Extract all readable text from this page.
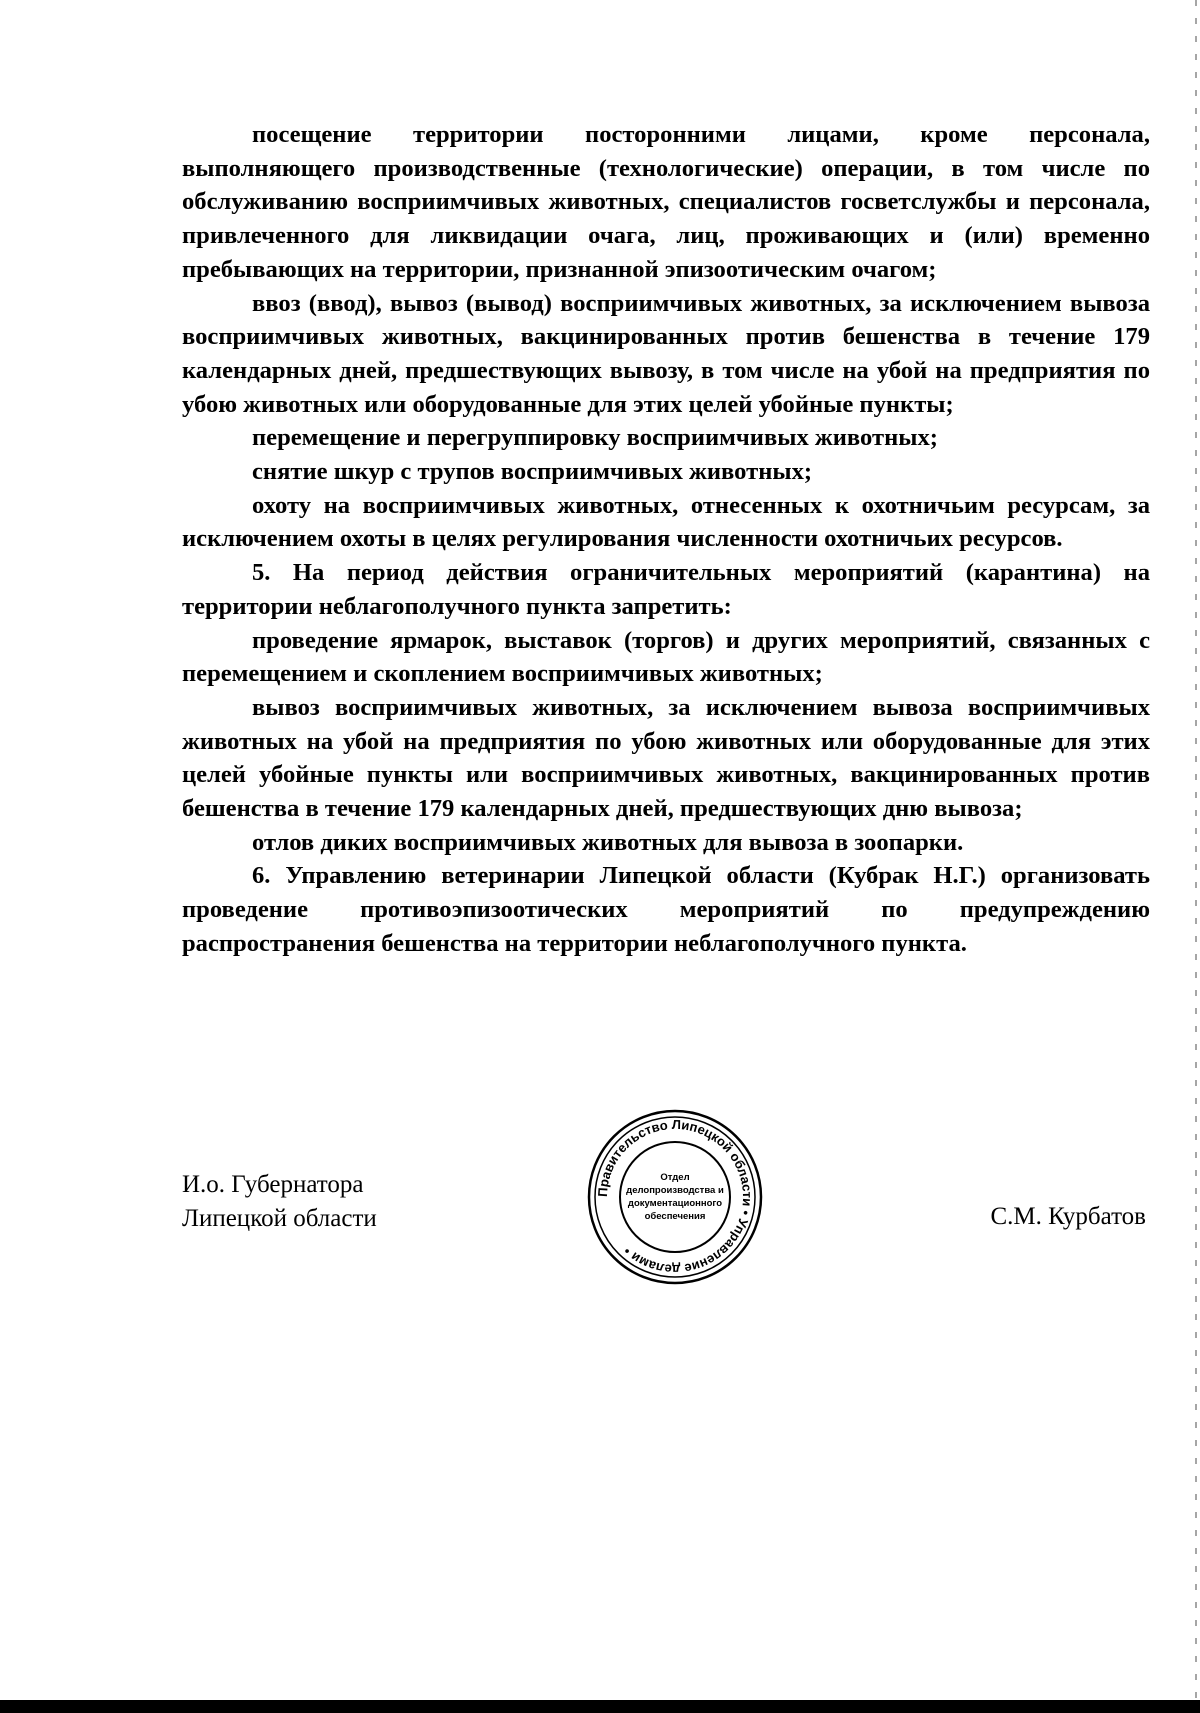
посещение территории посторонними лицами, кроме персонала, выполняющего производственные (технологические) операции, в том числе по обслуживанию восприимчивых животных, специалистов госветслужбы и персонала, привлеченного для ликвидации очага, лиц, проживающих и (или) временно пребывающих на территории, признанной эпизоотическим очагом;

ввоз (ввод), вывоз (вывод) восприимчивых животных, за исключением вывоза восприимчивых животных, вакцинированных против бешенства в течение 179 календарных дней, предшествующих вывозу, в том числе на убой на предприятия по убою животных или оборудованные для этих целей убойные пункты;

перемещение и перегруппировку восприимчивых животных;

снятие шкур с трупов восприимчивых животных;

охоту на восприимчивых животных, отнесенных к охотничьим ресурсам, за исключением охоты в целях регулирования численности охотничьих ресурсов.

5. На период действия ограничительных мероприятий (карантина) на территории неблагополучного пункта запретить:

проведение ярмарок, выставок (торгов) и других мероприятий, связанных с перемещением и скоплением восприимчивых животных;

вывоз восприимчивых животных, за исключением вывоза восприимчивых животных на убой на предприятия по убою животных или оборудованные для этих целей убойные пункты или восприимчивых животных, вакцинированных против бешенства в течение 179 календарных дней, предшествующих дню вывоза;

отлов диких восприимчивых животных для вывоза в зоопарки.

6. Управлению ветеринарии Липецкой области (Кубрак Н.Г.) организовать проведение противоэпизоотических мероприятий по предупреждению распространения бешенства на территории неблагополучного пункта.

И.о. Губернатора
Липецкой области
Правительство Липецкой области • Управление делами •
Отдел
делопроизводства и
документационного
обеспечения	С.М. Курбатов
